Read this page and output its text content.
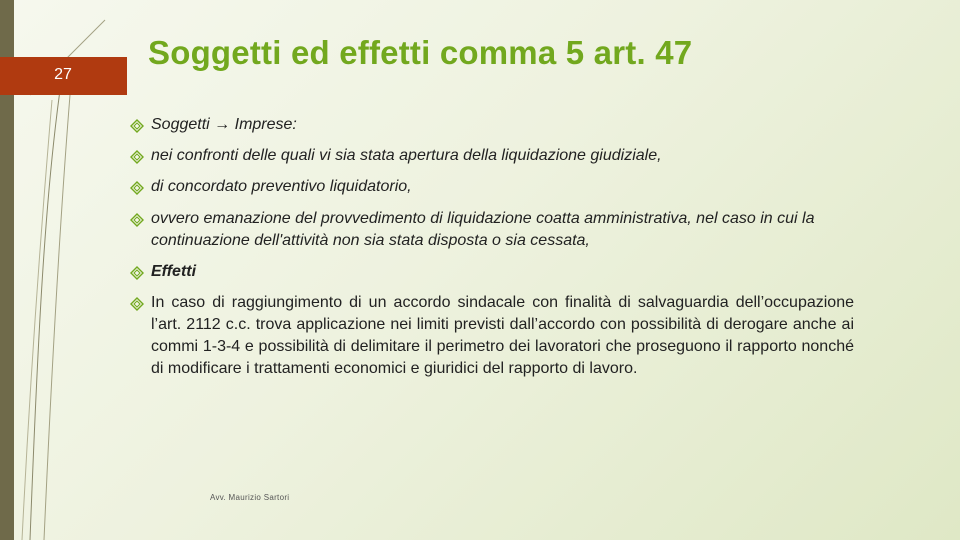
27
Soggetti ed effetti comma 5 art. 47
Soggetti → Imprese:
nei confronti delle quali vi sia stata apertura della liquidazione giudiziale,
di concordato preventivo liquidatorio,
ovvero emanazione del provvedimento di liquidazione coatta amministrativa, nel caso in cui la continuazione dell'attività non sia stata disposta o sia cessata,
Effetti
In caso di raggiungimento di un accordo sindacale con finalità di salvaguardia dell’occupazione l’art. 2112 c.c. trova applicazione nei limiti previsti dall’accordo con possibilità di derogare anche ai commi 1-3-4 e possibilità di delimitare il perimetro dei lavoratori che proseguono il rapporto nonché di modificare i trattamenti economici e giuridici del rapporto di lavoro.
Avv. Maurizio Sartori
